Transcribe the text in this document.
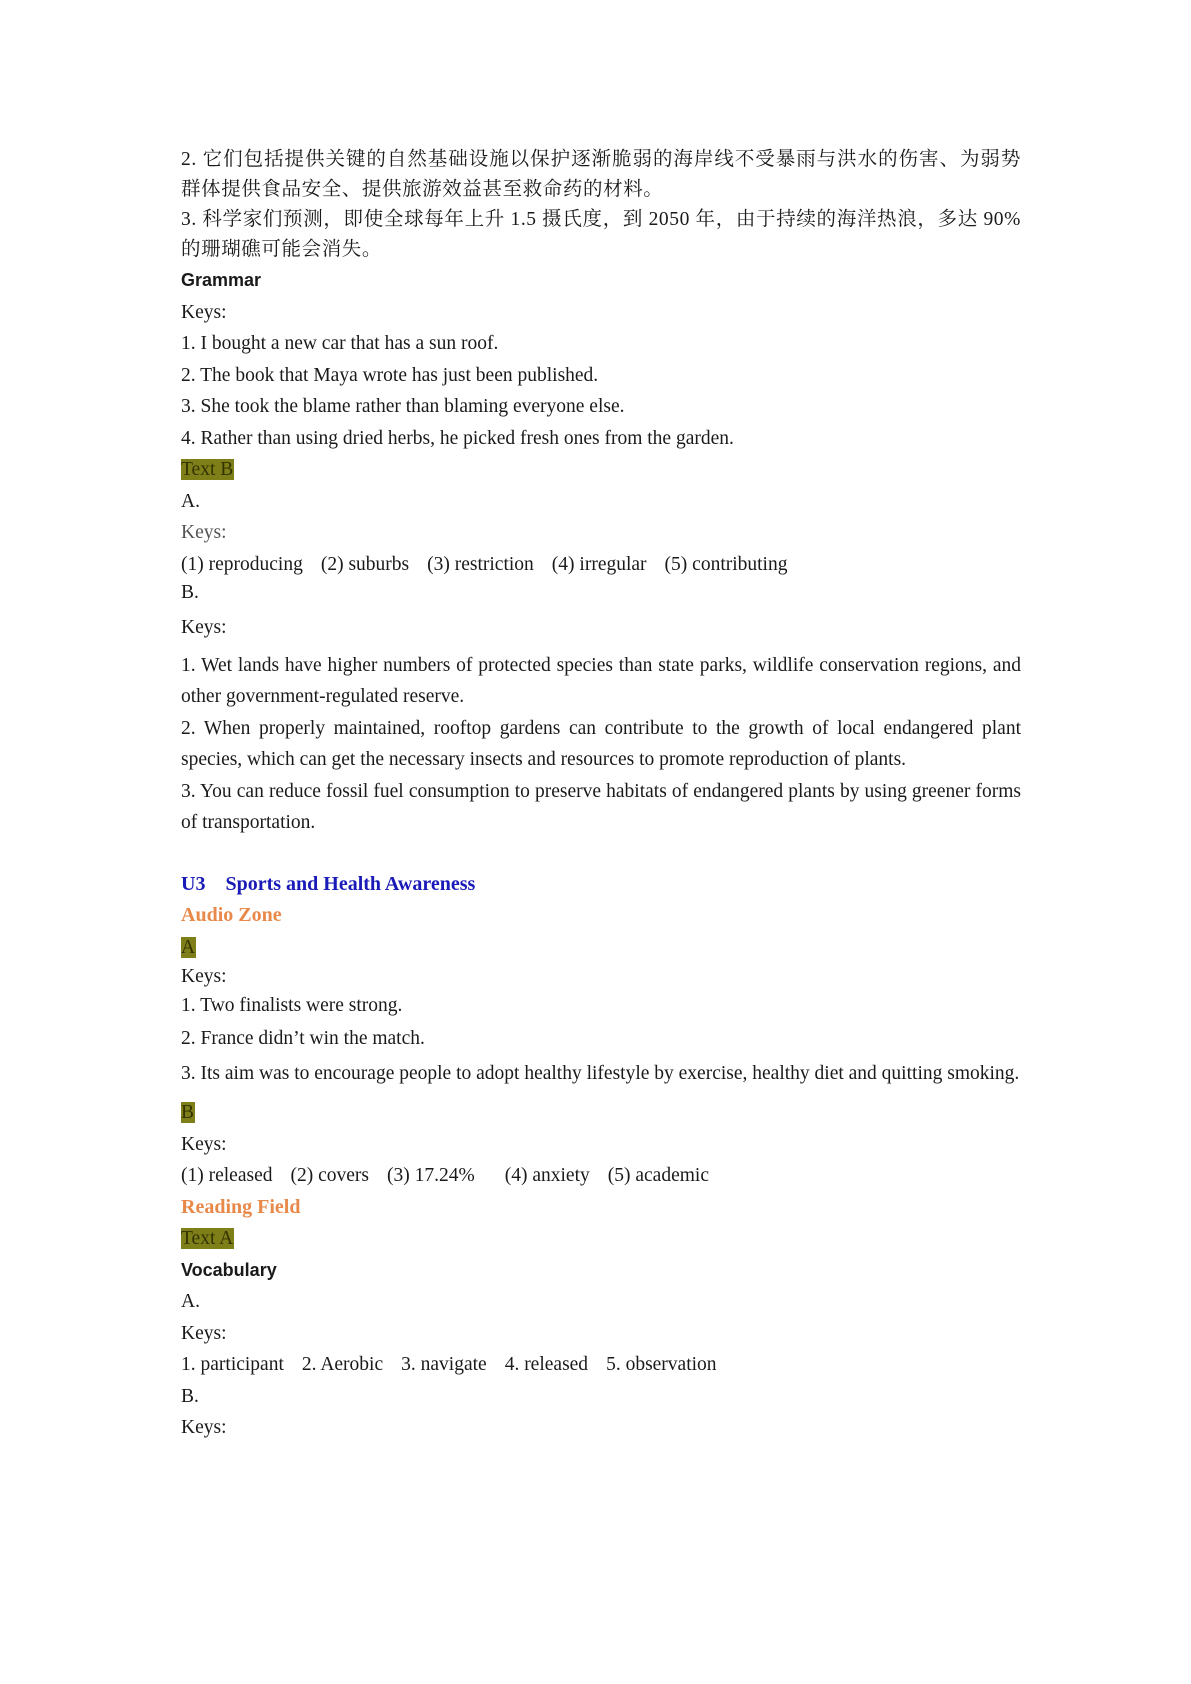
2. 它们包括提供关键的自然基础设施以保护逐渐脆弱的海岸线不受暴雨与洪水的伤害、为弱势群体提供食品安全、提供旅游效益甚至救命药的材料。

3. 科学家们预测，即使全球每年上升 1.5 摄氏度，到 2050 年，由于持续的海洋热浪，多达 90%的珊瑚礁可能会消失。

Grammar

Keys:

1. I bought a new car that has a sun roof.

2. The book that Maya wrote has just been published.

3. She took the blame rather than blaming everyone else.

4. Rather than using dried herbs, he picked fresh ones from the garden.

Text B

A.

Keys:

(1) reproducing (2) suburbs (3) restriction (4) irregular (5) contributing

B.

Keys:

1. Wet lands have higher numbers of protected species than state parks, wildlife conservation regions, and other government-regulated reserve.

2. When properly maintained, rooftop gardens can contribute to the growth of local endangered plant species, which can get the necessary insects and resources to promote reproduction of plants.

3. You can reduce fossil fuel consumption to preserve habitats of endangered plants by using greener forms of transportation.

U3    Sports and Health Awareness

Audio Zone

A

Keys:

1. Two finalists were strong.

2. France didn’t win the match.

3. Its aim was to encourage people to adopt healthy lifestyle by exercise, healthy diet and quitting smoking.

B

Keys:

(1) released (2) covers (3) 17.24% (4) anxiety (5) academic

Reading Field

Text A

Vocabulary

A.

Keys:

1. participant 2. Aerobic 3. navigate 4. released 5. observation

B.

Keys:
